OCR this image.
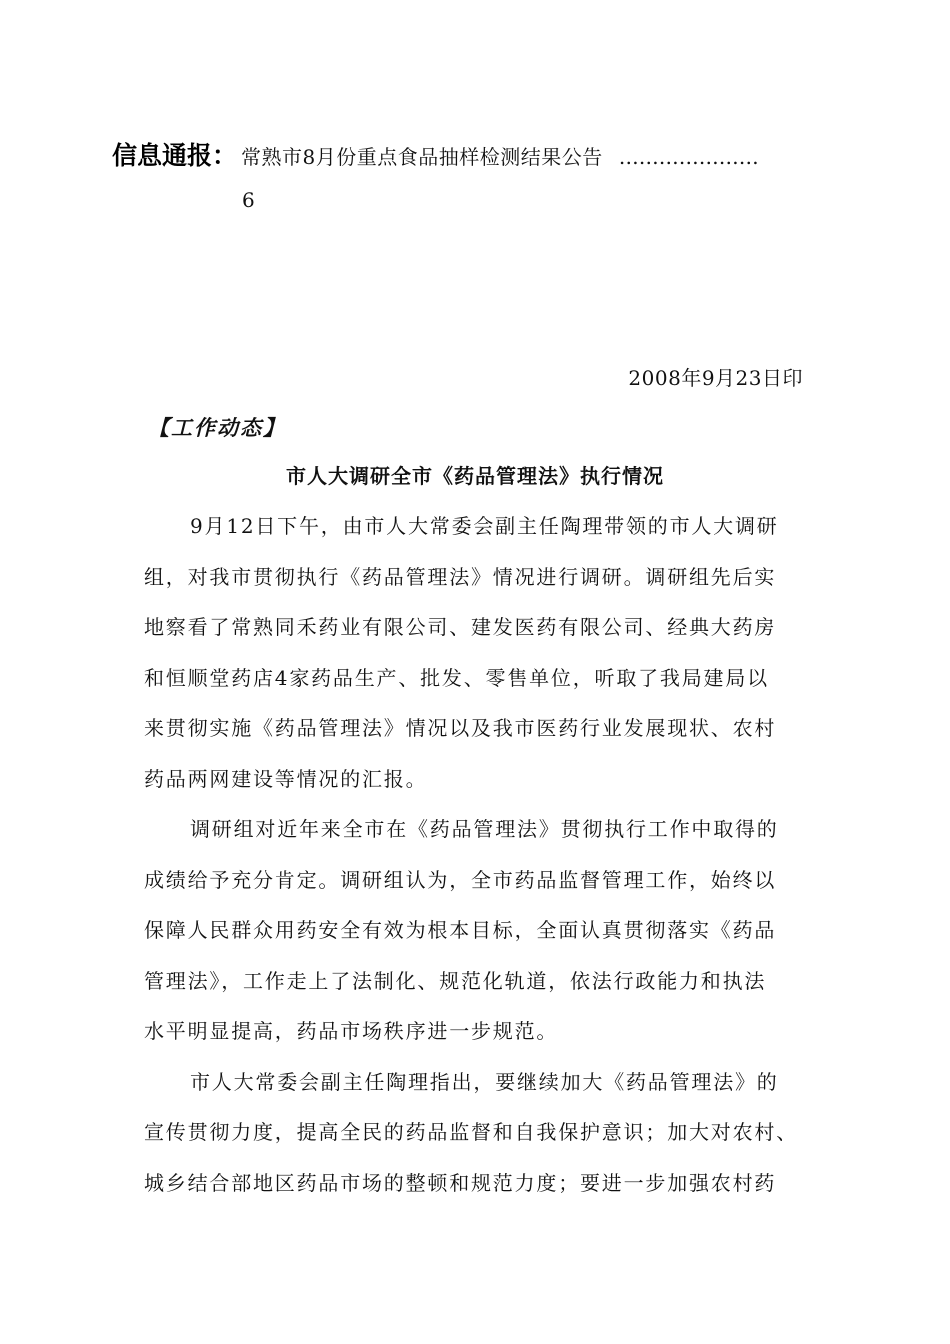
信息通报： 常熟市8月份重点食品抽样检测结果公告 …………………
6
2008年9月23日印
【工作动态】
市人大调研全市《药品管理法》执行情况
9月12日下午，由市人大常委会副主任陶理带领的市人大调研
组，对我市贯彻执行《药品管理法》情况进行调研。调研组先后实
地察看了常熟同禾药业有限公司、建发医药有限公司、经典大药房
和恒顺堂药店4家药品生产、批发、零售单位，听取了我局建局以
来贯彻实施《药品管理法》情况以及我市医药行业发展现状、农村
药品两网建设等情况的汇报。
调研组对近年来全市在《药品管理法》贯彻执行工作中取得的
成绩给予充分肯定。调研组认为，全市药品监督管理工作，始终以
保障人民群众用药安全有效为根本目标，全面认真贯彻落实《药品
管理法》，工作走上了法制化、规范化轨道，依法行政能力和执法
水平明显提高，药品市场秩序进一步规范。
市人大常委会副主任陶理指出，要继续加大《药品管理法》的
宣传贯彻力度，提高全民的药品监督和自我保护意识；加大对农村、
城乡结合部地区药品市场的整顿和规范力度；要进一步加强农村药
